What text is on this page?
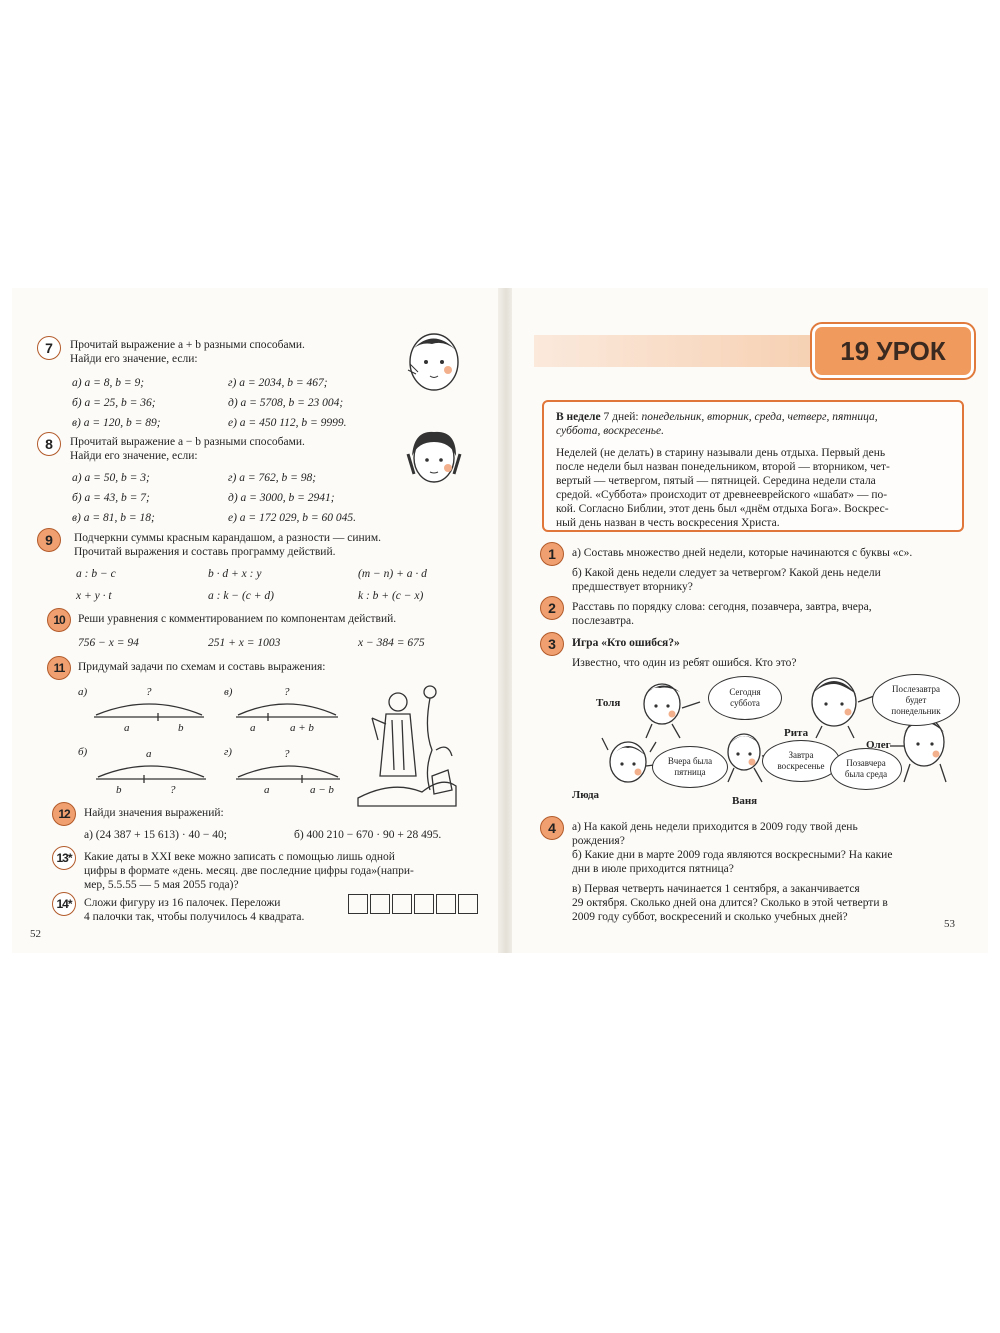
7	Прочитай выражение a + b разными способами.
Найди его значение, если:
а) a = 8, b = 9;	г) a = 2034, b = 467;
б) a = 25, b = 36;	д) a = 5708, b = 23 004;
в) a = 120, b = 89;	е) a = 450 112, b = 9999.
8	Прочитай выражение a − b разными способами.
Найди его значение, если:
а) a = 50, b = 3;	г) a = 762, b = 98;
б) a = 43, b = 7;	д) a = 3000, b = 2941;
в) a = 81, b = 18;	е) a = 172 029, b = 60 045.
9	Подчеркни суммы красным карандашом, а разности — синим.
Прочитай выражения и составь программу действий.
a : b − c	b · d + x : y	(m − n) + a · d
x + y · t	a : k − (c + d)	k : b + (c − x)
10	Реши уравнения с комментированием по компонентам действий.
756 − x = 94	251 + x = 1003	x − 384 = 675
11	Придумай задачи по схемам и составь выражения:
а)	в)
б)	г)
?	?
a	b	a	a + b
a
b	?
?
a	a − b
12	Найди значения выражений:
а) (24 387 + 15 613) · 40 − 40;	б) 400 210 − 670 · 90 + 28 495.
13*	Какие даты в XXI веке можно записать с помощью лишь одной
цифры в формате «день. месяц. две последние цифры года»(напри-
мер, 5.5.55 — 5 мая 2055 года)?
14*	Сложи фигуру из 16 палочек. Переложи
4 палочки так, чтобы получилось 4 квадрата.
52
19 УРОК
В неделе 7 дней: понедельник, вторник, среда, четверг, пятница,
суббота, воскресенье.
Неделей (не делать) в старину называли день отдыха. Первый день
после недели был назван понедельником, второй — вторником, чет-
вертый — четвергом, пятый — пятницей. Середина недели стала
средой. «Суббота» происходит от древнееврейского «шабат» — по-
кой. Согласно Библии, этот день был «днём отдыха Бога». Воскрес-
ный день назван в честь воскресения Христа.
1	а) Составь множество дней недели, которые начинаются с буквы «с».
б) Какой день недели следует за четвергом? Какой день недели
предшествует вторнику?
2	Расставь по порядку слова: сегодня, позавчера, завтра, вчера,
послезавтра.
3	Игра «Кто ошибся?»
Известно, что один из ребят ошибся. Кто это?
Сегодня
суббота
Послезавтра
будет
понедельник
Вчера была
пятница
Завтра
воскресенье	Позавчера
была среда
Толя
Рита
Олег
Люда	Ваня
4	а) На какой день недели приходится в 2009 году твой день
рождения?
б) Какие дни в марте 2009 года являются воскресными? На какие
дни в июле приходится пятница?
в) Первая четверть начинается 1 сентября, а заканчивается
29 октября. Сколько дней она длится? Сколько в этой четверти в
2009 году суббот, воскресений и сколько учебных дней?
53
